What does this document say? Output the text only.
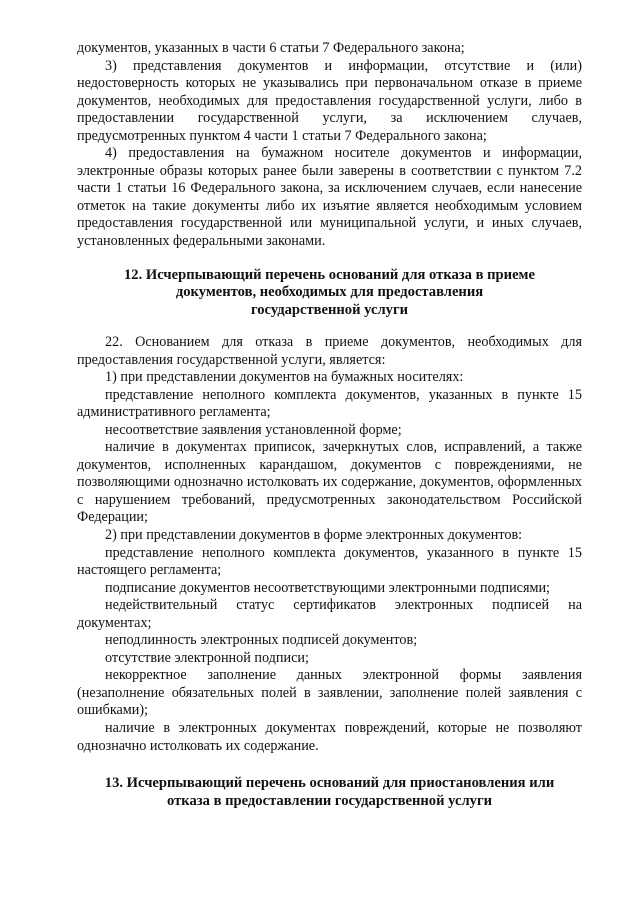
документов, указанных в части 6 статьи 7 Федерального закона;

3) представления документов и информации, отсутствие и (или) недостоверность которых не указывались при первоначальном отказе в приеме документов, необходимых для предоставления государственной услуги, либо в предоставлении государственной услуги, за исключением случаев, предусмотренных пунктом 4 части 1 статьи 7 Федерального закона;

4) предоставления на бумажном носителе документов и информации, электронные образы которых ранее были заверены в соответствии с пунктом 7.2 части 1 статьи 16 Федерального закона, за исключением случаев, если нанесение отметок на такие документы либо их изъятие является необходимым условием предоставления государственной или муниципальной услуги, и иных случаев, установленных федеральными законами.

12. Исчерпывающий перечень оснований для отказа в приеме
документов, необходимых для предоставления
государственной услуги

22. Основанием для отказа в приеме документов, необходимых для предоставления государственной услуги, является:

1) при представлении документов на бумажных носителях:

представление неполного комплекта документов, указанных в пункте 15 административного регламента;

несоответствие заявления установленной форме;

наличие в документах приписок, зачеркнутых слов, исправлений, а также документов, исполненных карандашом, документов с повреждениями, не позволяющими однозначно истолковать их содержание, документов, оформленных с нарушением требований, предусмотренных законодательством Российской Федерации;

2) при представлении документов в форме электронных документов:

представление неполного комплекта документов, указанного в пункте 15 настоящего регламента;

подписание документов несоответствующими электронными подписями;

недействительный статус сертификатов электронных подписей на документах;

неподлинность электронных подписей документов;

отсутствие электронной подписи;

некорректное заполнение данных электронной формы заявления (незаполнение обязательных полей в заявлении, заполнение полей заявления с ошибками);

наличие в электронных документах повреждений, которые не позволяют однозначно истолковать их содержание.

13. Исчерпывающий перечень оснований для приостановления или
отказа в предоставлении государственной услуги
